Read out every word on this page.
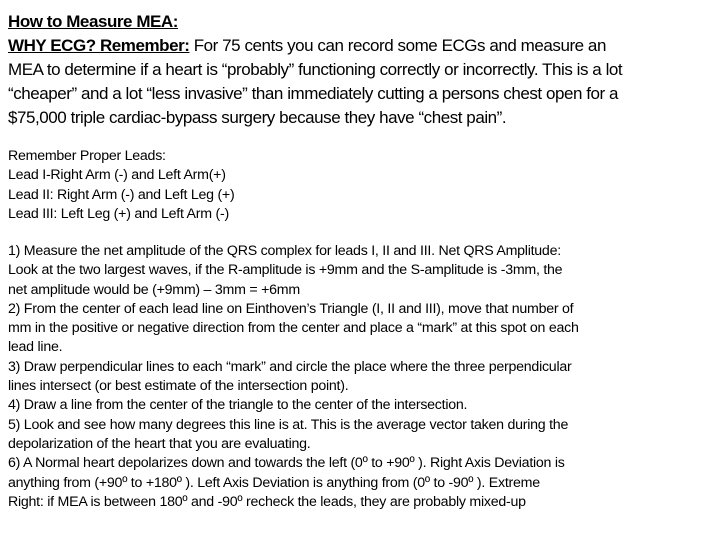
How to Measure MEA:
WHY ECG? Remember: For 75 cents you can record some ECGs and measure an
MEA to determine if a heart is “probably” functioning correctly or incorrectly. This is a lot
“cheaper” and a lot “less invasive” than immediately cutting a persons chest open for a
$75,000 triple cardiac-bypass surgery because they have “chest pain”.
Remember Proper Leads:
Lead I-Right Arm (-) and Left Arm(+)
Lead II: Right Arm (-) and Left Leg (+)
Lead III: Left Leg (+) and Left Arm (-)
1) Measure the net amplitude of the QRS complex for leads I, II and III. Net QRS Amplitude:
Look at the two largest waves, if the R-amplitude is +9mm and the S-amplitude is -3mm, the
net amplitude would be (+9mm) – 3mm = +6mm
2) From the center of each lead line on Einthoven’s Triangle (I, II and III), move that number of
mm in the positive or negative direction from the center and place a “mark” at this spot on each
lead line.
3) Draw perpendicular lines to each “mark” and circle the place where the three perpendicular
lines intersect (or best estimate of the intersection point).
4) Draw a line from the center of the triangle to the center of the intersection.
5) Look and see how many degrees this line is at. This is the average vector taken during the
depolarization of the heart that you are evaluating.
6) A Normal heart depolarizes down and towards the left (0º to +90º ). Right Axis Deviation is
anything from (+90º to +180º ). Left Axis Deviation is anything from (0º to -90º ). Extreme
Right: if MEA is between 180º and -90º recheck the leads, they are probably mixed-up
